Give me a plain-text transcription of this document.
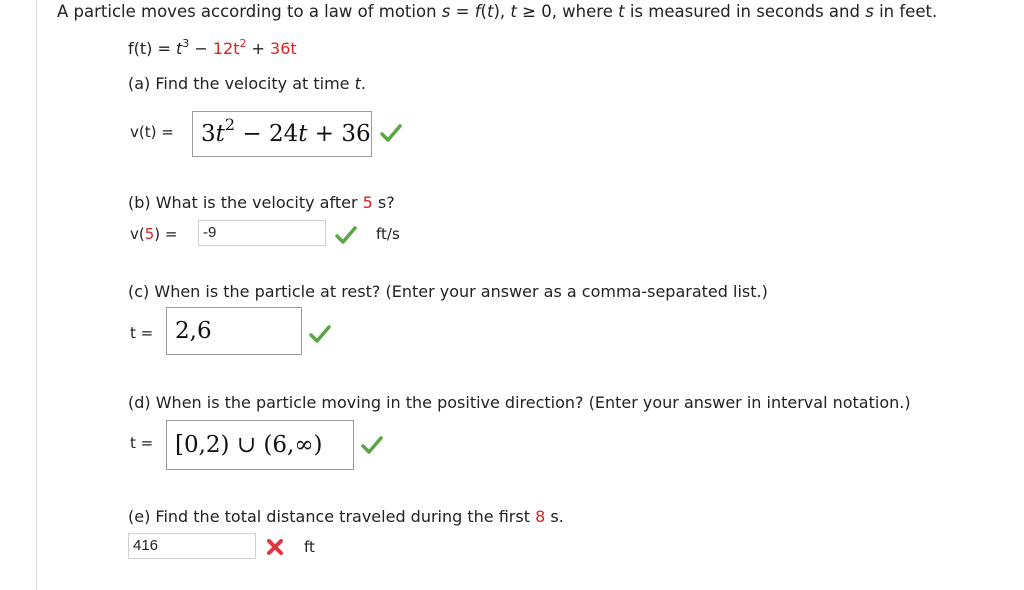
A particle moves according to a law of motion s = f(t), t ≥ 0, where t is measured in seconds and s in feet.
$f(t) = t^3 - 12t^2 + 36t$
(a) Find the velocity at time t.
v(t) =	$3t^2 - 24t + 36$
(b) What is the velocity after 5 s?
v(5) =	-9	ft/s
(c) When is the particle at rest? (Enter your answer as a comma-separated list.)
t = 2,6
(d) When is the particle moving in the positive direction? (Enter your answer in interval notation.)
t = [0,2) ∪ (6,∞)
(e) Find the total distance traveled during the first 8 s.
416	ft
